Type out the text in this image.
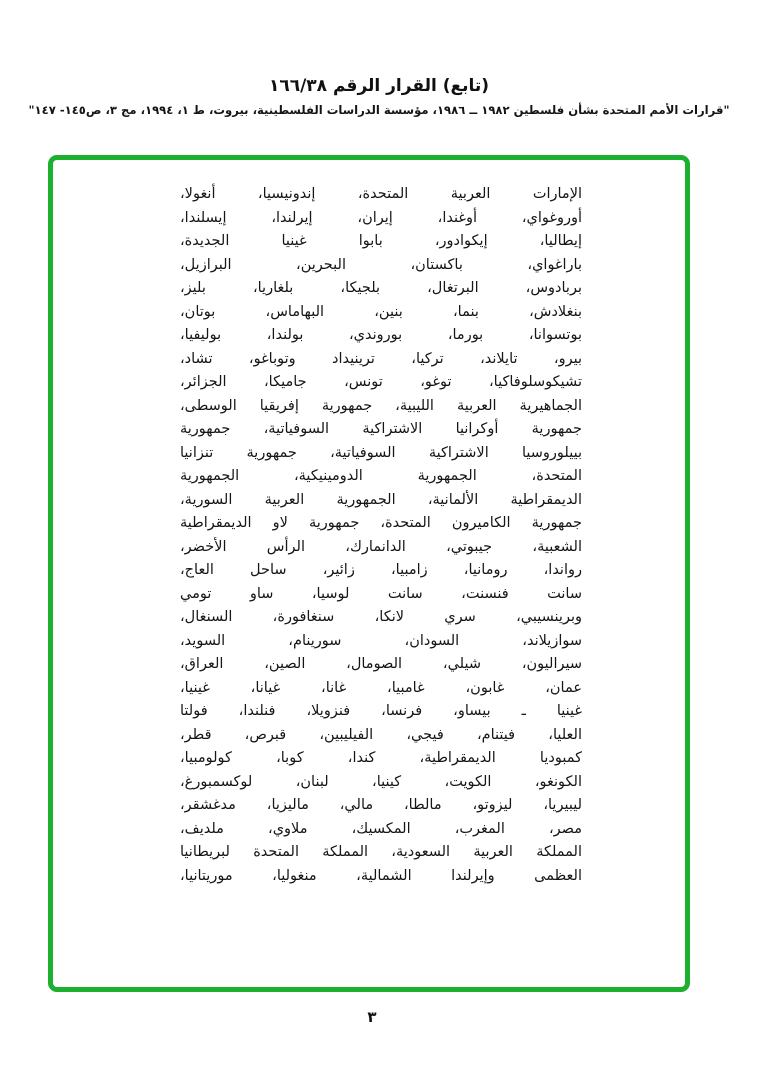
(تابع) القرار الرقم ١٦٦/٣٨
"قرارات الأمم المتحدة بشأن فلسطين ١٩٨٢ ــ ١٩٨٦، مؤسسة الدراسات الفلسطينية، بيروت، ط ١، ١٩٩٤، مج ٣، ص١٤٥- ١٤٧"
الإمارات العربية المتحدة، إندونيسيا، أنغولا،
أوروغواي، أوغندا، إيران، إيرلندا، إيسلندا،
إيطاليا، إيكوادور، بابوا غينيا الجديدة،
باراغواي، باكستان، البحرين، البرازيل،
بربادوس، البرتغال، بلجيكا، بلغاريا، بليز،
بنغلادش، بنما، بنين، البهاماس، بوتان،
بوتسوانا، بورما، بوروندي، بولندا، بوليفيا،
بيرو، تايلاند، تركيا، ترينيداد وتوباغو، تشاد،
تشيكوسلوفاكيا، توغو، تونس، جاميكا، الجزائر،
الجماهيرية العربية الليبية، جمهورية إفريقيا الوسطى،
جمهورية أوكرانيا الاشتراكية السوفياتية، جمهورية
بييلوروسيا الاشتراكية السوفياتية، جمهورية تنزانيا
المتحدة، الجمهورية الدومينيكية، الجمهورية
الديمقراطية الألمانية، الجمهورية العربية السورية،
جمهورية الكاميرون المتحدة، جمهورية لاو الديمقراطية
الشعبية، جيبوتي، الدانمارك، الرأس الأخضر،
رواندا، رومانيا، زامبيا، زائير، ساحل العاج،
سانت فنسنت، سانت لوسيا، ساو تومي
وبرينسيبي، سري لانكا، سنغافورة، السنغال،
سوازيلاند، السودان، سورينام، السويد،
سيراليون، شيلي، الصومال، الصين، العراق،
عمان، غابون، غامبيا، غانا، غيانا، غينيا،
غينيا ـ بيساو، فرنسا، فنزويلا، فنلندا، فولتا
العليا، فيتنام، فيجي، الفيليبين، قبرص، قطر،
كمبوديا الديمقراطية، كندا، كوبا، كولومبيا،
الكونغو، الكويت، كينيا، لبنان، لوكسمبورغ،
ليبيريا، ليزوتو، مالطا، مالي، ماليزيا، مدغشقر،
مصر، المغرب، المكسيك، ملاوي، ملديف،
المملكة العربية السعودية، المملكة المتحدة لبريطانيا
العظمى وإيرلندا الشمالية، منغوليا، موريتانيا،
٣
